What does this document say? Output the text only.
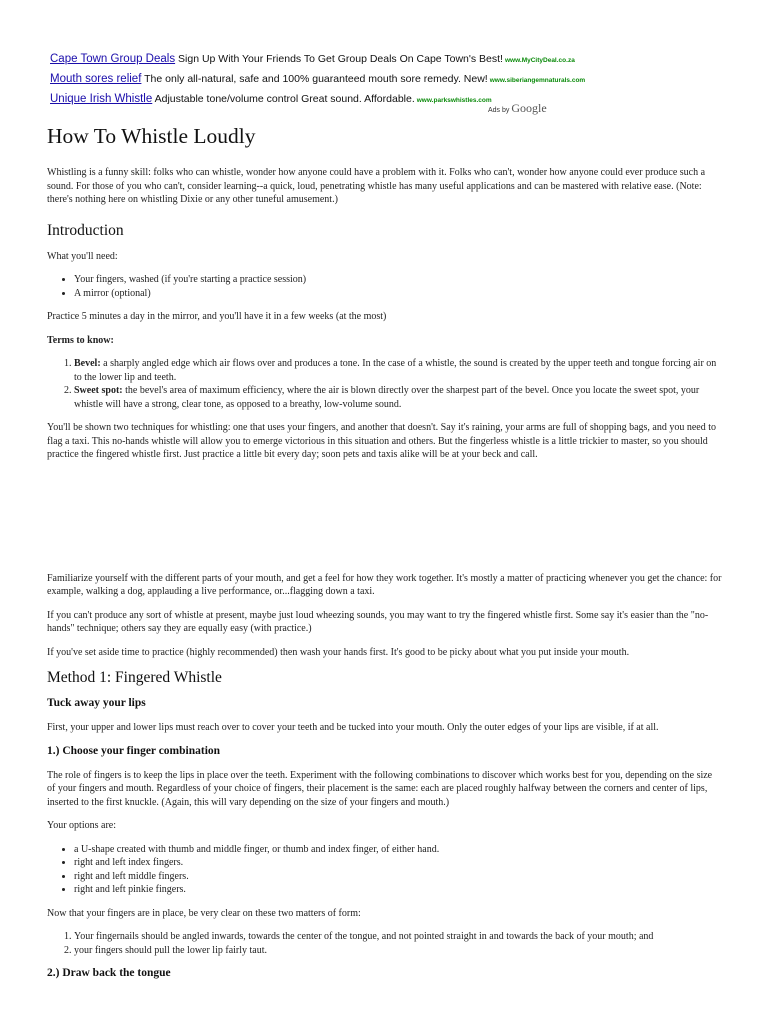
Cape Town Group Deals Sign Up With Your Friends To Get Group Deals On Cape Town's Best! www.MyCityDeal.co.za
Mouth sores relief The only all-natural, safe and 100% guaranteed mouth sore remedy. New! www.siberiangemnaturals.com
Unique Irish Whistle Adjustable tone/volume control Great sound. Affordable. www.parkswhistles.com
Ads by Google
How To Whistle Loudly

Whistling is a funny skill: folks who can whistle, wonder how anyone could have a problem with it. Folks who can't, wonder how anyone could ever produce such a sound. For those of you who can't, consider learning--a quick, loud, penetrating whistle has many useful applications and can be mastered with relative ease. (Note: there's nothing here on whistling Dixie or any other tuneful amusement.)

Introduction

What you'll need:

• Your fingers, washed (if you're starting a practice session)
• A mirror (optional)

Practice 5 minutes a day in the mirror, and you'll have it in a few weeks (at the most)

Terms to know:

1. Bevel: a sharply angled edge which air flows over and produces a tone. In the case of a whistle, the sound is created by the upper teeth and tongue forcing air on to the lower lip and teeth.
2. Sweet spot: the bevel's area of maximum efficiency, where the air is blown directly over the sharpest part of the bevel. Once you locate the sweet spot, your whistle will have a strong, clear tone, as opposed to a breathy, low-volume sound.

You'll be shown two techniques for whistling: one that uses your fingers, and another that doesn't. Say it's raining, your arms are full of shopping bags, and you need to flag a taxi. This no-hands whistle will allow you to emerge victorious in this situation and others. But the fingerless whistle is a little trickier to master, so you should practice the fingered whistle first. Just practice a little bit every day; soon pets and taxis alike will be at your beck and call.

Familiarize yourself with the different parts of your mouth, and get a feel for how they work together. It's mostly a matter of practicing whenever you get the chance: for example, walking a dog, applauding a live performance, or...flagging down a taxi.

If you can't produce any sort of whistle at present, maybe just loud wheezing sounds, you may want to try the fingered whistle first. Some say it's easier than the "no-hands" technique; others say they are equally easy (with practice.)

If you've set aside time to practice (highly recommended) then wash your hands first. It's good to be picky about what you put inside your mouth.

Method 1: Fingered Whistle
Tuck away your lips

First, your upper and lower lips must reach over to cover your teeth and be tucked into your mouth. Only the outer edges of your lips are visible, if at all.

1.) Choose your finger combination

The role of fingers is to keep the lips in place over the teeth. Experiment with the following combinations to discover which works best for you, depending on the size of your fingers and mouth. Regardless of your choice of fingers, their placement is the same: each are placed roughly halfway between the corners and center of lips, inserted to the first knuckle. (Again, this will vary depending on the size of your fingers and mouth.)

Your options are:

• a U-shape created with thumb and middle finger, or thumb and index finger, of either hand.
• right and left index fingers.
• right and left middle fingers.
• right and left pinkie fingers.

Now that your fingers are in place, be very clear on these two matters of form:

1. Your fingernails should be angled inwards, towards the center of the tongue, and not pointed straight in and towards the back of your mouth; and
2. your fingers should pull the lower lip fairly taut.
2.) Draw back the tongue
